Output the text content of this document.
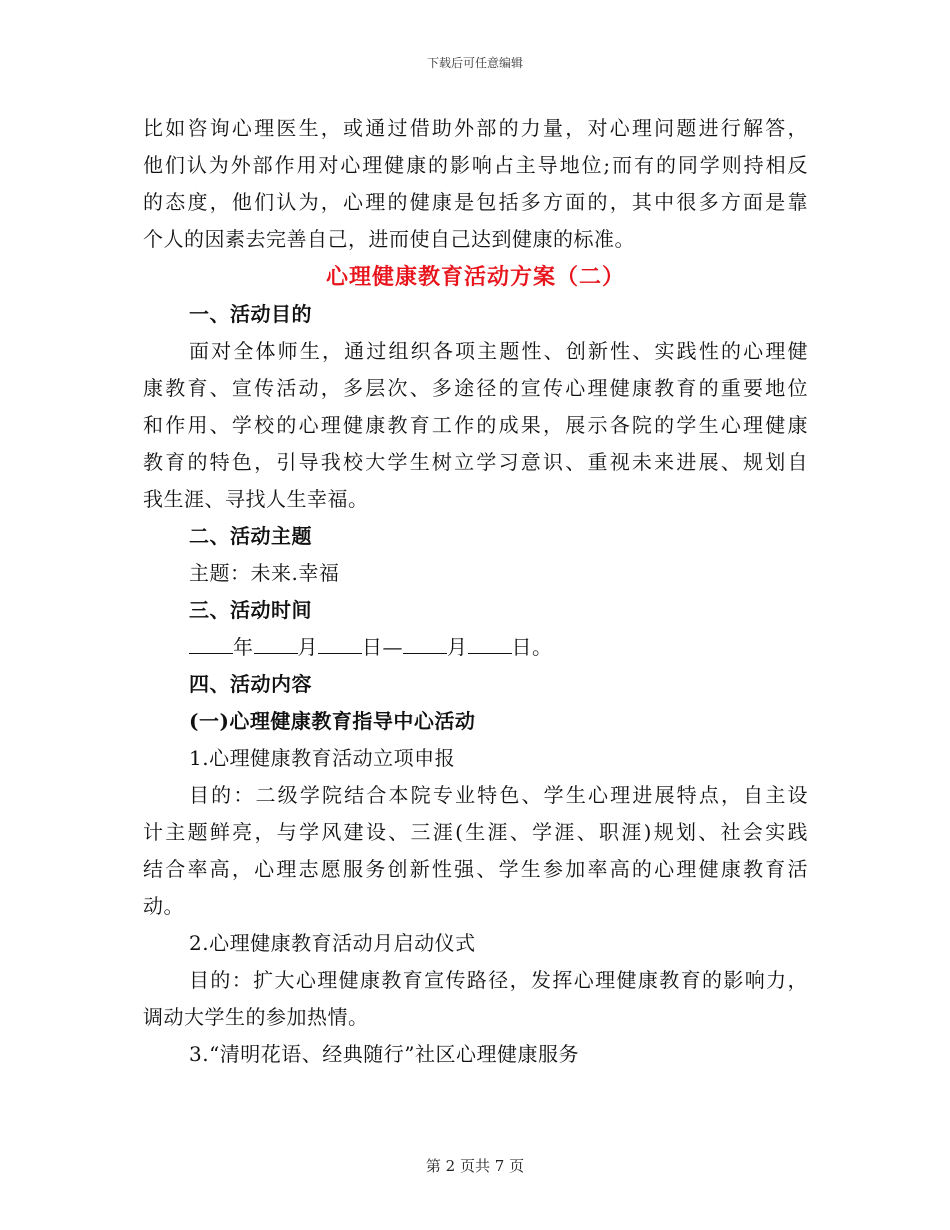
下载后可任意编辑
比如咨询心理医生，或通过借助外部的力量，对心理问题进行解答，
他们认为外部作用对心理健康的影响占主导地位;而有的同学则持相反
的态度，他们认为，心理的健康是包括多方面的，其中很多方面是靠
个人的因素去完善自己，进而使自己达到健康的标准。
心理健康教育活动方案（二）
一、活动目的
面对全体师生，通过组织各项主题性、创新性、实践性的心理健
康教育、宣传活动，多层次、多途径的宣传心理健康教育的重要地位
和作用、学校的心理健康教育工作的成果，展示各院的学生心理健康
教育的特色，引导我校大学生树立学习意识、重视未来进展、规划自
我生涯、寻找人生幸福。
二、活动主题
主题：未来.幸福
三、活动时间
年 月 日— 月 日。
四、活动内容
(一)心理健康教育指导中心活动
1.心理健康教育活动立项申报
目的：二级学院结合本院专业特色、学生心理进展特点，自主设
计主题鲜亮，与学风建设、三涯(生涯、学涯、职涯)规划、社会实践
结合率高，心理志愿服务创新性强、学生参加率高的心理健康教育活
动。
2.心理健康教育活动月启动仪式
目的：扩大心理健康教育宣传路径，发挥心理健康教育的影响力，
调动大学生的参加热情。
3.“清明花语、经典随行”社区心理健康服务
第 2 页共 7 页
